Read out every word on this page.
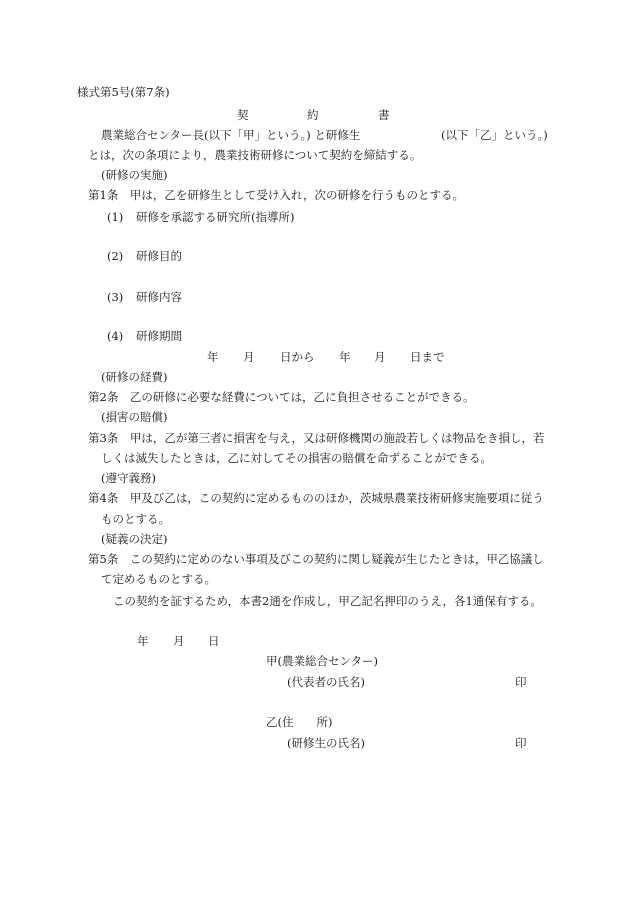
様式第5号(第7条)
契	約	書
農業総合センター長(以下「甲」という。) と研修生	(以下「乙」という。)
とは，次の条項により，農業技術研修について契約を締結する。
(研修の実施)
第1条　甲は，乙を研修生として受け入れ，次の研修を行うものとする。
(1) 研修を承認する研究所(指導所)
(2) 研修目的
(3) 研修内容
(4) 研修期間
年 月 日から 年 月 日まで
(研修の経費)
第2条　乙の研修に必要な経費については，乙に負担させることができる。
(損害の賠償)
第3条　甲は，乙が第三者に損害を与え，又は研修機関の施設若しくは物品をき損し，若
しくは滅失したときは，乙に対してその損害の賠償を命ずることができる。
(遵守義務)
第4条　甲及び乙は，この契約に定めるもののほか，茨城県農業技術研修実施要項に従う
ものとする。
(疑義の決定)
第5条　この契約に定めのない事項及びこの契約に関し疑義が生じたときは，甲乙協議し
て定めるものとする。
この契約を証するため，本書2通を作成し，甲乙記名押印のうえ，各1通保有する。
年 月 日
甲(農業総合センター)
(代表者の氏名)	印
乙(住　　所)
(研修生の氏名)	印
